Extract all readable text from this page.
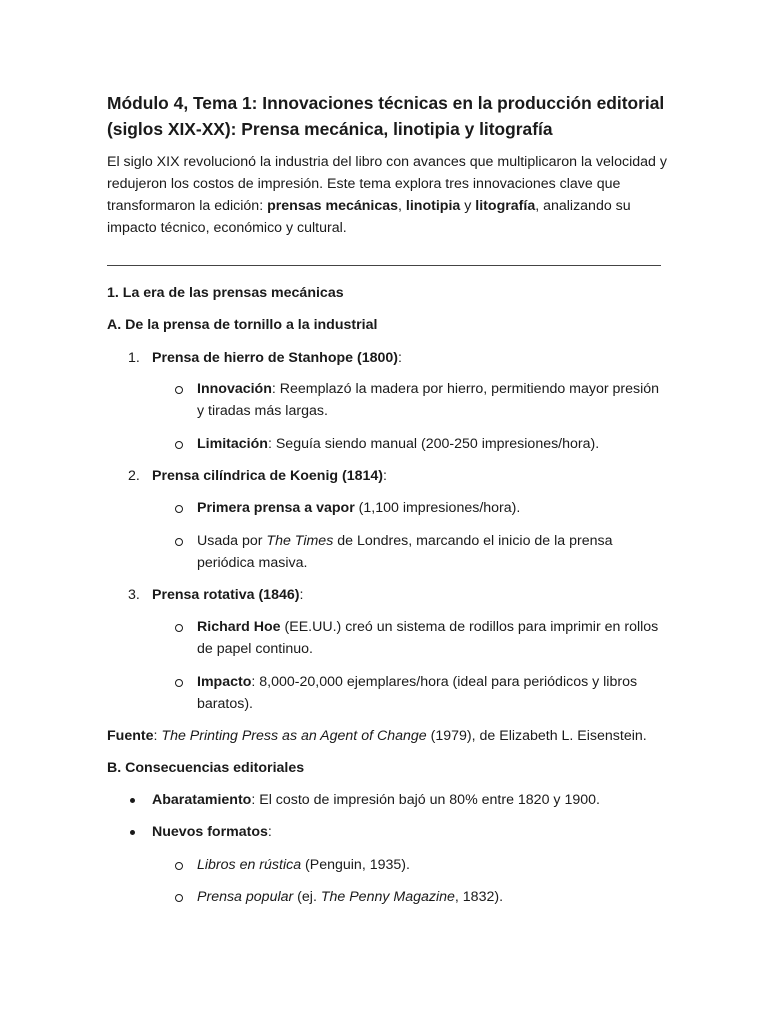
Módulo 4, Tema 1: Innovaciones técnicas en la producción editorial (siglos XIX-XX): Prensa mecánica, linotipia y litografía

El siglo XIX revolucionó la industria del libro con avances que multiplicaron la velocidad y redujeron los costos de impresión. Este tema explora tres innovaciones clave que transformaron la edición: prensas mecánicas, linotipia y litografía, analizando su impacto técnico, económico y cultural.

1. La era de las prensas mecánicas

A. De la prensa de tornillo a la industrial

1. Prensa de hierro de Stanhope (1800):

Innovación: Reemplazó la madera por hierro, permitiendo mayor presión y tiradas más largas.

Limitación: Seguía siendo manual (200-250 impresiones/hora).

2. Prensa cilíndrica de Koenig (1814):

Primera prensa a vapor (1,100 impresiones/hora).

Usada por The Times de Londres, marcando el inicio de la prensa periódica masiva.

3. Prensa rotativa (1846):

Richard Hoe (EE.UU.) creó un sistema de rodillos para imprimir en rollos de papel continuo.

Impacto: 8,000-20,000 ejemplares/hora (ideal para periódicos y libros baratos).

Fuente: The Printing Press as an Agent of Change (1979), de Elizabeth L. Eisenstein.

B. Consecuencias editoriales

Abaratamiento: El costo de impresión bajó un 80% entre 1820 y 1900.
Nuevos formatos:

Libros en rústica (Penguin, 1935).

Prensa popular (ej. The Penny Magazine, 1832).
